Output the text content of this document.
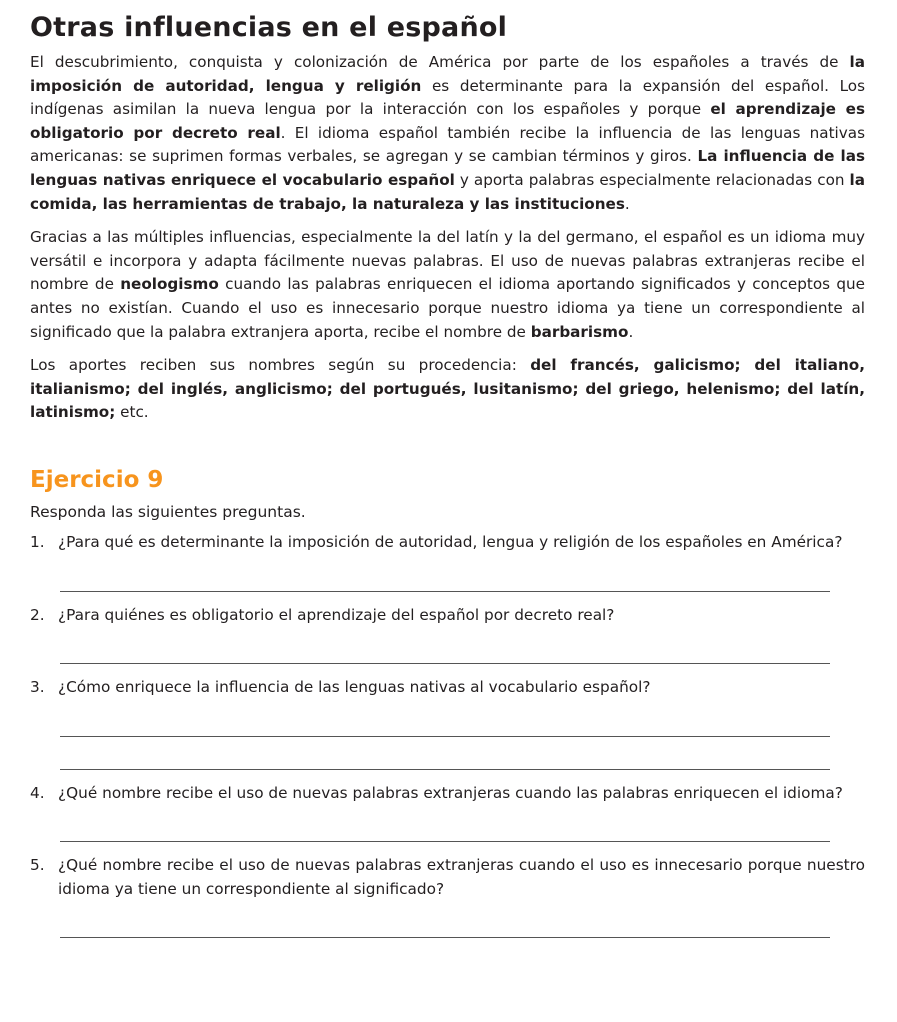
Otras influencias en el español

El descubrimiento, conquista y colonización de América por parte de los españoles a través de la imposición de autoridad, lengua y religión es determinante para la expansión del español. Los indígenas asimilan la nueva lengua por la interacción con los españoles y porque el aprendizaje es obligatorio por decreto real. El idioma español también recibe la influencia de las lenguas nativas americanas: se suprimen formas verbales, se agregan y se cambian términos y giros. La influencia de las lenguas nativas enriquece el vocabulario español y aporta palabras especialmente relacionadas con la comida, las herramientas de trabajo, la naturaleza y las instituciones.

Gracias a las múltiples influencias, especialmente la del latín y la del germano, el español es un idioma muy versátil e incorpora y adapta fácilmente nuevas palabras. El uso de nuevas palabras extranjeras recibe el nombre de neologismo cuando las palabras enriquecen el idioma aportando significados y conceptos que antes no existían. Cuando el uso es innecesario porque nuestro idioma ya tiene un correspondiente al significado que la palabra extranjera aporta, recibe el nombre de barbarismo.

Los aportes reciben sus nombres según su procedencia: del francés, galicismo; del italiano, italianismo; del inglés, anglicismo; del portugués, lusitanismo; del griego, helenismo; del latín, latinismo; etc.

Ejercicio 9

Responda las siguientes preguntas.

1. ¿Para qué es determinante la imposición de autoridad, lengua y religión de los españoles en América?
2. ¿Para quiénes es obligatorio el aprendizaje del español por decreto real?
3. ¿Cómo enriquece la influencia de las lenguas nativas al vocabulario español?
4. ¿Qué nombre recibe el uso de nuevas palabras extranjeras cuando las palabras enriquecen el idioma?
5. ¿Qué nombre recibe el uso de nuevas palabras extranjeras cuando el uso es innecesario porque nuestro idioma ya tiene un correspondiente al significado?
